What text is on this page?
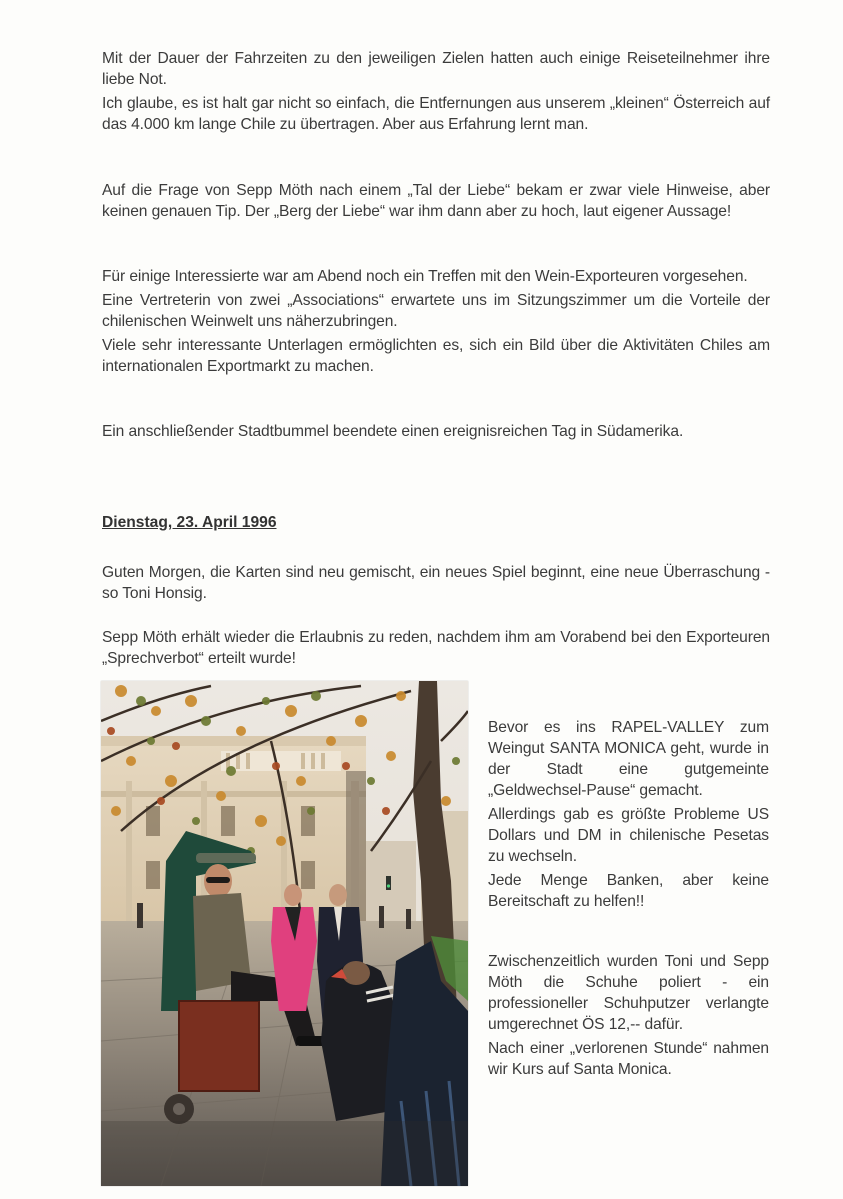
Mit der Dauer der Fahrzeiten zu den jeweiligen Zielen hatten auch einige Reiseteilnehmer ihre liebe Not.

Ich glaube, es ist halt gar nicht so einfach, die Entfernungen aus unserem „kleinen“ Österreich auf das 4.000 km lange Chile zu übertragen. Aber aus Erfahrung lernt man.

Auf die Frage von Sepp Möth nach einem „Tal der Liebe“ bekam er zwar viele Hinweise, aber keinen genauen Tip. Der „Berg der Liebe“ war ihm dann aber zu hoch, laut eigener Aussage!

Für einige Interessierte war am Abend noch ein Treffen mit den Wein-Exporteuren vorgesehen.

Eine Vertreterin von zwei „Associations“ erwartete uns im Sitzungszimmer um die Vorteile der chilenischen Weinwelt uns näherzubringen.

Viele sehr interessante Unterlagen ermöglichten es, sich ein Bild über die Aktivitäten Chiles am internationalen Exportmarkt zu machen.

Ein anschließender Stadtbummel beendete einen ereignisreichen Tag in Südamerika.

Dienstag, 23. April 1996

Guten Morgen, die Karten sind neu gemischt, ein neues Spiel beginnt, eine neue Überraschung - so Toni Honsig.

Sepp Möth erhält wieder die Erlaubnis zu reden, nachdem ihm am Vorabend bei den Exporteuren „Sprechverbot“ erteilt wurde!

Bevor es ins RAPEL-VALLEY zum Weingut SANTA MONICA geht, wurde in der Stadt eine gutgemeinte „Geldwechsel-Pause“ gemacht.

Allerdings gab es größte Probleme US Dollars und DM in chilenische Pesetas zu wechseln.

Jede Menge Banken, aber keine Bereitschaft zu helfen!!

Zwischenzeitlich wurden Toni und Sepp Möth die Schuhe poliert - ein professioneller Schuhputzer verlangte umgerechnet ÖS 12,-- dafür.

Nach einer „verlorenen Stunde“ nahmen wir Kurs auf Santa Monica.
